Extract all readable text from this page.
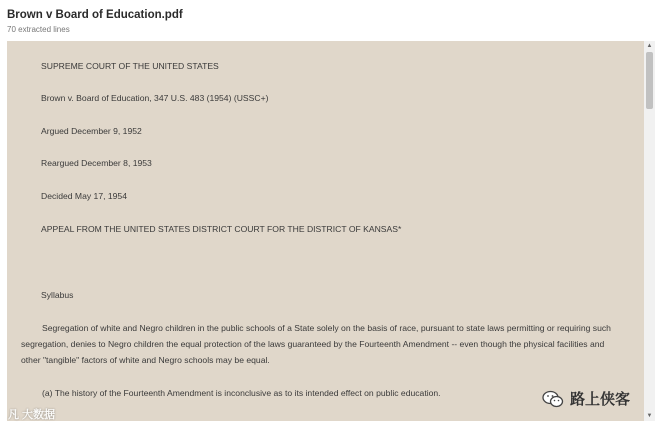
Brown v Board of Education.pdf
70 extracted lines
SUPREME COURT OF THE UNITED STATES
Brown v. Board of Education, 347 U.S. 483 (1954) (USSC+)
Argued December 9, 1952
Reargued December 8, 1953
Decided May 17, 1954
APPEAL FROM THE UNITED STATES DISTRICT COURT FOR THE DISTRICT OF KANSAS*
Syllabus
Segregation of white and Negro children in the public schools of a State solely on the basis of race, pursuant to state laws permitting or requiring such segregation, denies to Negro children the equal protection of the laws guaranteed by the Fourteenth Amendment -- even though the physical facilities and other "tangible" factors of white and Negro schools may be equal.
(a) The history of the Fourteenth Amendment is inconclusive as to its intended effect on public education.
▲
▼
凡 大数据
路上侠客
